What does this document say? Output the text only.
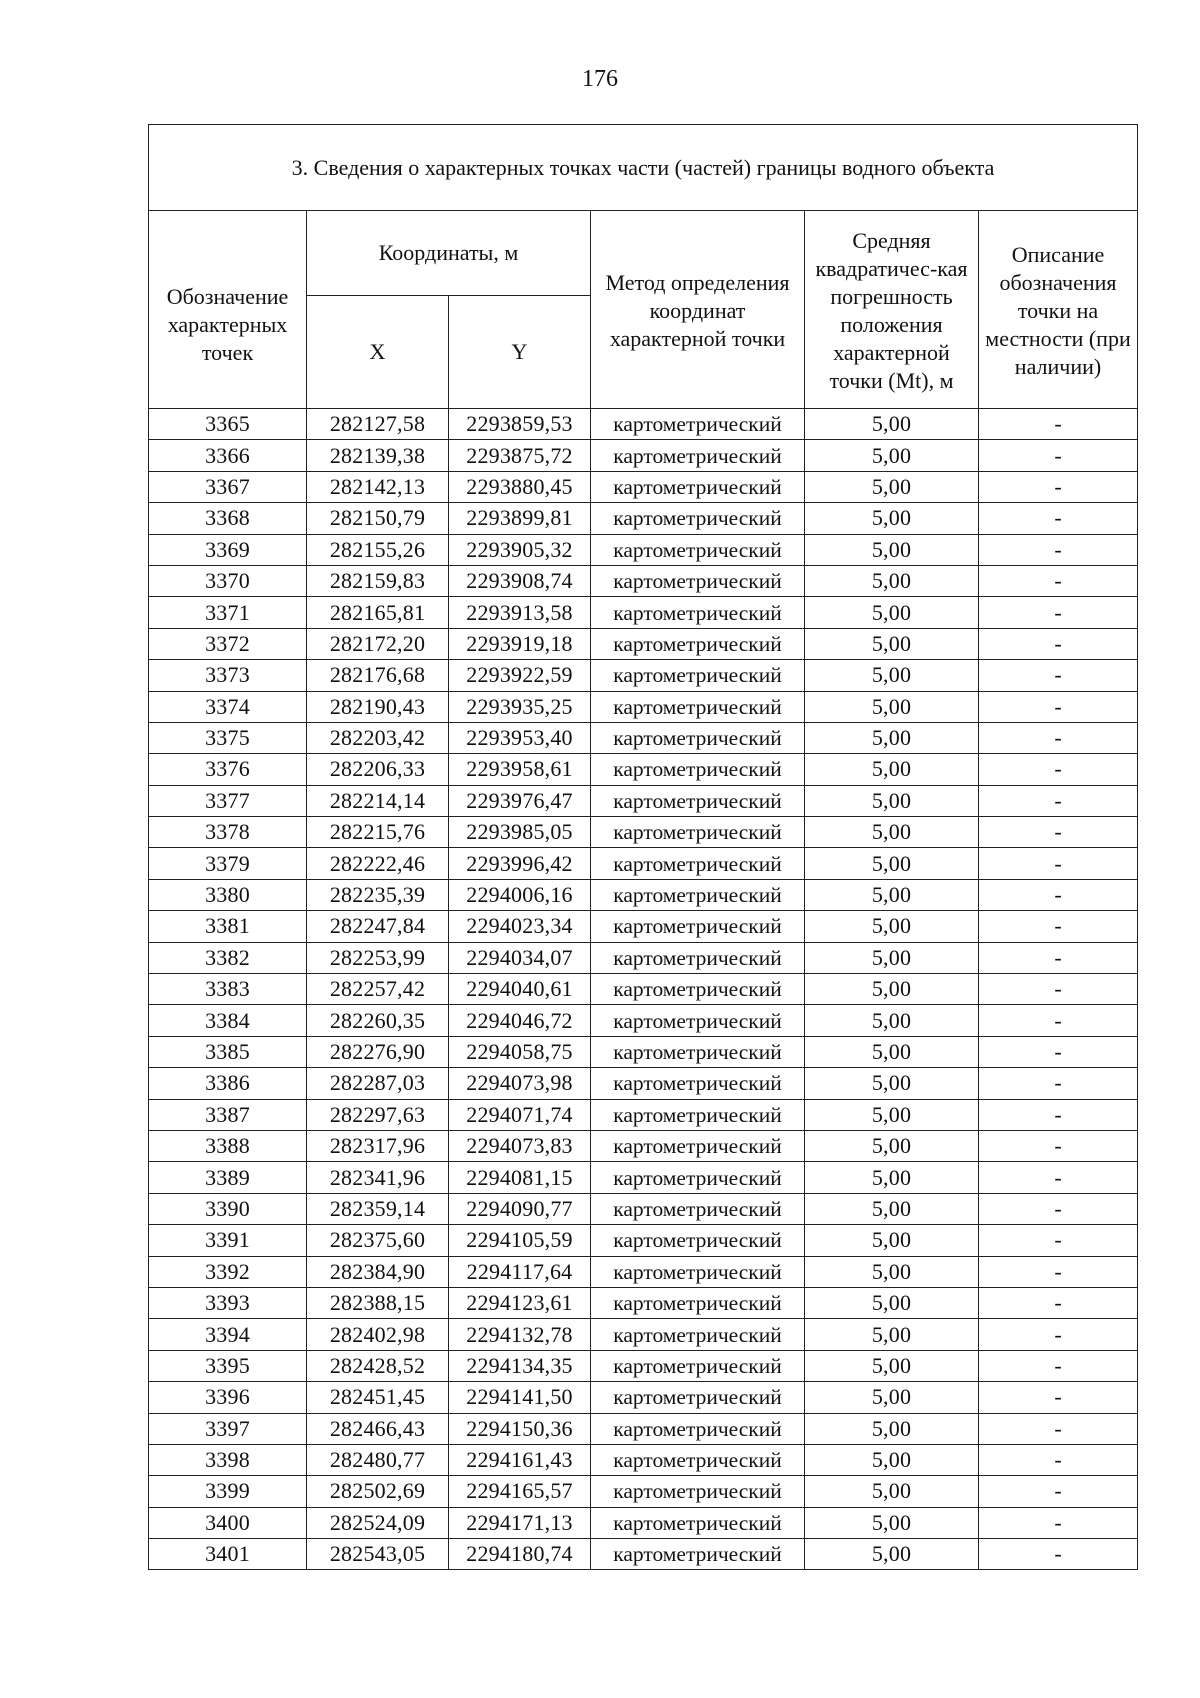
176
3. Сведения о характерных точках части (частей) границы водного объекта					
Обозначение характерных точек	Координаты, м		Метод определения координат характерной точки	Средняя квадратичес-кая погрешность положения характерной точки (Mt), м	Описание обозначения точки на местности (при наличии)
	X	Y			
3365	282127,58	2293859,53	картометрический	5,00	-
3366	282139,38	2293875,72	картометрический	5,00	-
3367	282142,13	2293880,45	картометрический	5,00	-
3368	282150,79	2293899,81	картометрический	5,00	-
3369	282155,26	2293905,32	картометрический	5,00	-
3370	282159,83	2293908,74	картометрический	5,00	-
3371	282165,81	2293913,58	картометрический	5,00	-
3372	282172,20	2293919,18	картометрический	5,00	-
3373	282176,68	2293922,59	картометрический	5,00	-
3374	282190,43	2293935,25	картометрический	5,00	-
3375	282203,42	2293953,40	картометрический	5,00	-
3376	282206,33	2293958,61	картометрический	5,00	-
3377	282214,14	2293976,47	картометрический	5,00	-
3378	282215,76	2293985,05	картометрический	5,00	-
3379	282222,46	2293996,42	картометрический	5,00	-
3380	282235,39	2294006,16	картометрический	5,00	-
3381	282247,84	2294023,34	картометрический	5,00	-
3382	282253,99	2294034,07	картометрический	5,00	-
3383	282257,42	2294040,61	картометрический	5,00	-
3384	282260,35	2294046,72	картометрический	5,00	-
3385	282276,90	2294058,75	картометрический	5,00	-
3386	282287,03	2294073,98	картометрический	5,00	-
3387	282297,63	2294071,74	картометрический	5,00	-
3388	282317,96	2294073,83	картометрический	5,00	-
3389	282341,96	2294081,15	картометрический	5,00	-
3390	282359,14	2294090,77	картометрический	5,00	-
3391	282375,60	2294105,59	картометрический	5,00	-
3392	282384,90	2294117,64	картометрический	5,00	-
3393	282388,15	2294123,61	картометрический	5,00	-
3394	282402,98	2294132,78	картометрический	5,00	-
3395	282428,52	2294134,35	картометрический	5,00	-
3396	282451,45	2294141,50	картометрический	5,00	-
3397	282466,43	2294150,36	картометрический	5,00	-
3398	282480,77	2294161,43	картометрический	5,00	-
3399	282502,69	2294165,57	картометрический	5,00	-
3400	282524,09	2294171,13	картометрический	5,00	-
3401	282543,05	2294180,74	картометрический	5,00	-
